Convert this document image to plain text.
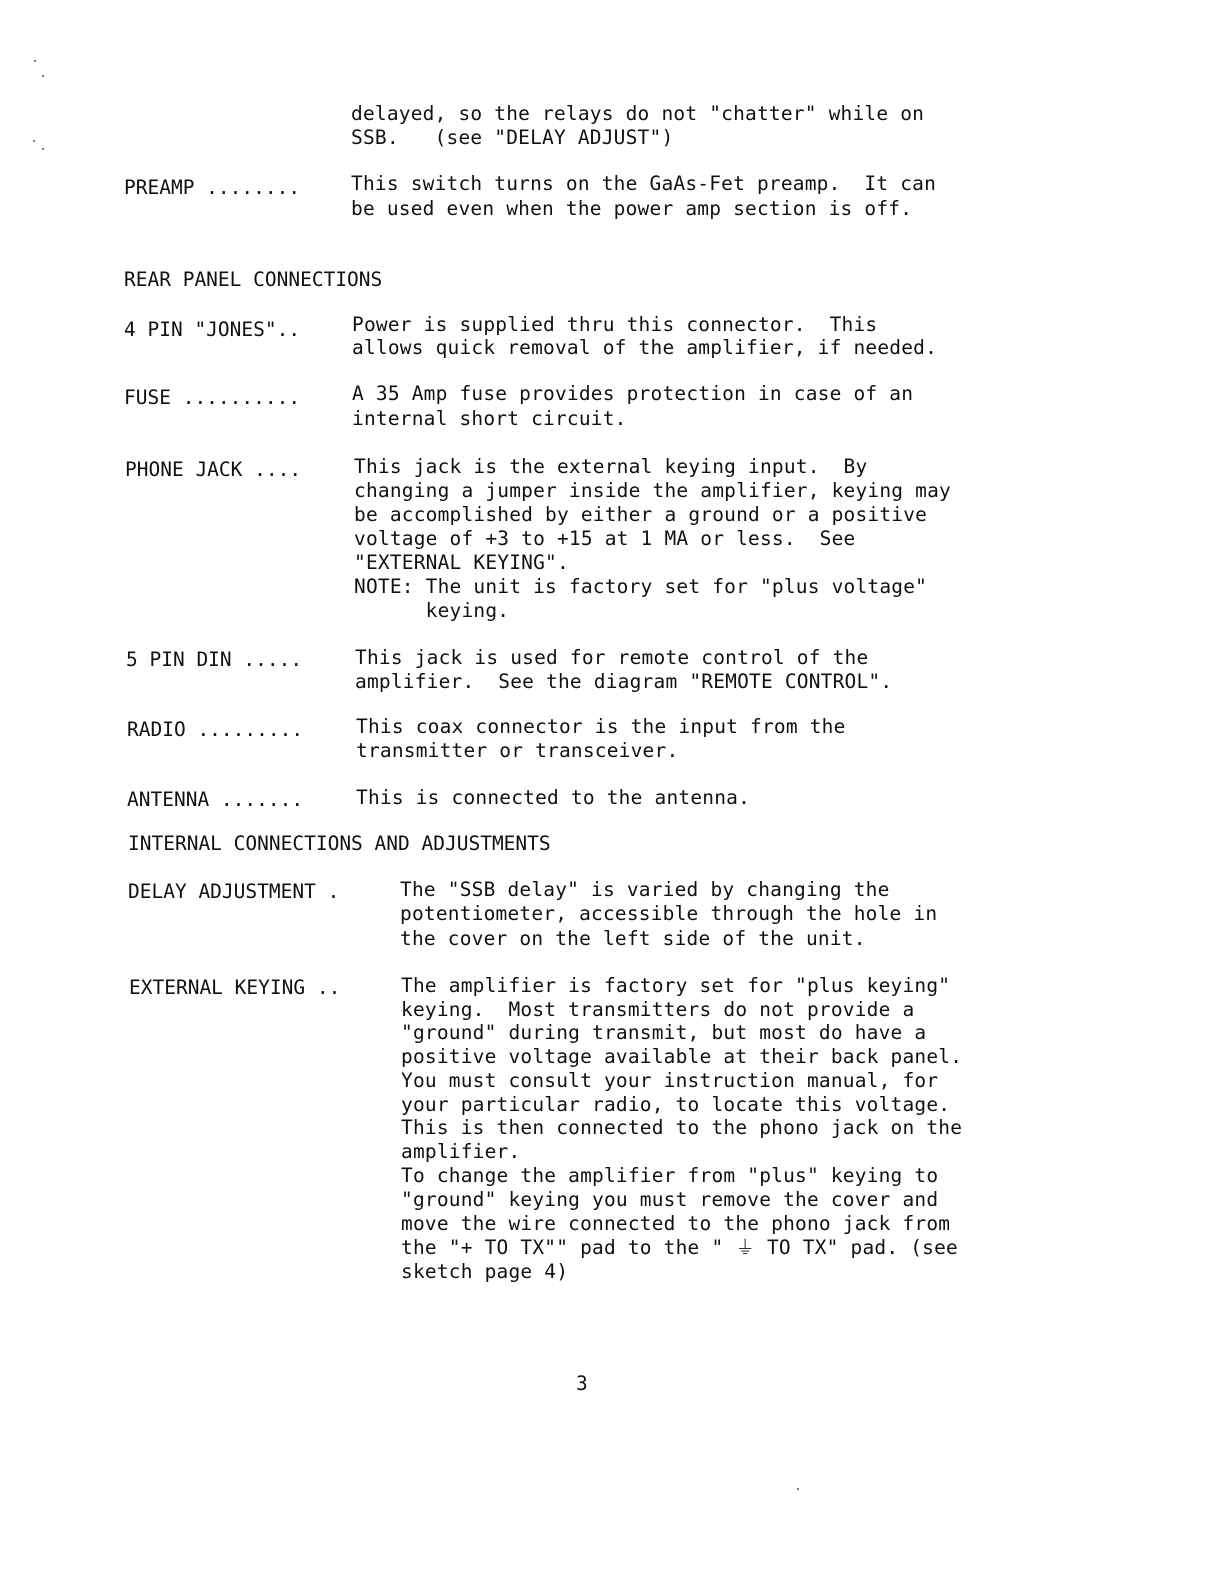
delayed, so the relays do not "chatter" while on
SSB.   (see "DELAY ADJUST")
PREAMP ........	This switch turns on the GaAs-Fet preamp.  It can
be used even when the power amp section is off.
REAR PANEL CONNECTIONS
4 PIN "JONES"..	Power is supplied thru this connector.  This
allows quick removal of the amplifier, if needed.
FUSE ..........	A 35 Amp fuse provides protection in case of an
internal short circuit.
PHONE JACK ....	This jack is the external keying input.  By
changing a jumper inside the amplifier, keying may
be accomplished by either a ground or a positive
voltage of +3 to +15 at 1 MA or less.  See
"EXTERNAL KEYING".
NOTE: The unit is factory set for "plus voltage"
keying.
5 PIN DIN .....	This jack is used for remote control of the
amplifier.  See the diagram "REMOTE CONTROL".
RADIO .........	This coax connector is the input from the
transmitter or transceiver.
ANTENNA .......	This is connected to the antenna.
INTERNAL CONNECTIONS AND ADJUSTMENTS
DELAY ADJUSTMENT .	The "SSB delay" is varied by changing the
potentiometer, accessible through the hole in
the cover on the left side of the unit.
EXTERNAL KEYING ..	The amplifier is factory set for "plus keying"
keying.  Most transmitters do not provide a
"ground" during transmit, but most do have a
positive voltage available at their back panel.
You must consult your instruction manual, for
your particular radio, to locate this voltage.
This is then connected to the phono jack on the
amplifier.
To change the amplifier from "plus" keying to
"ground" keying you must remove the cover and
move the wire connected to the phono jack from
the "+ TO TX"" pad to the " ⏚ TO TX" pad. (see
sketch page 4)
3
